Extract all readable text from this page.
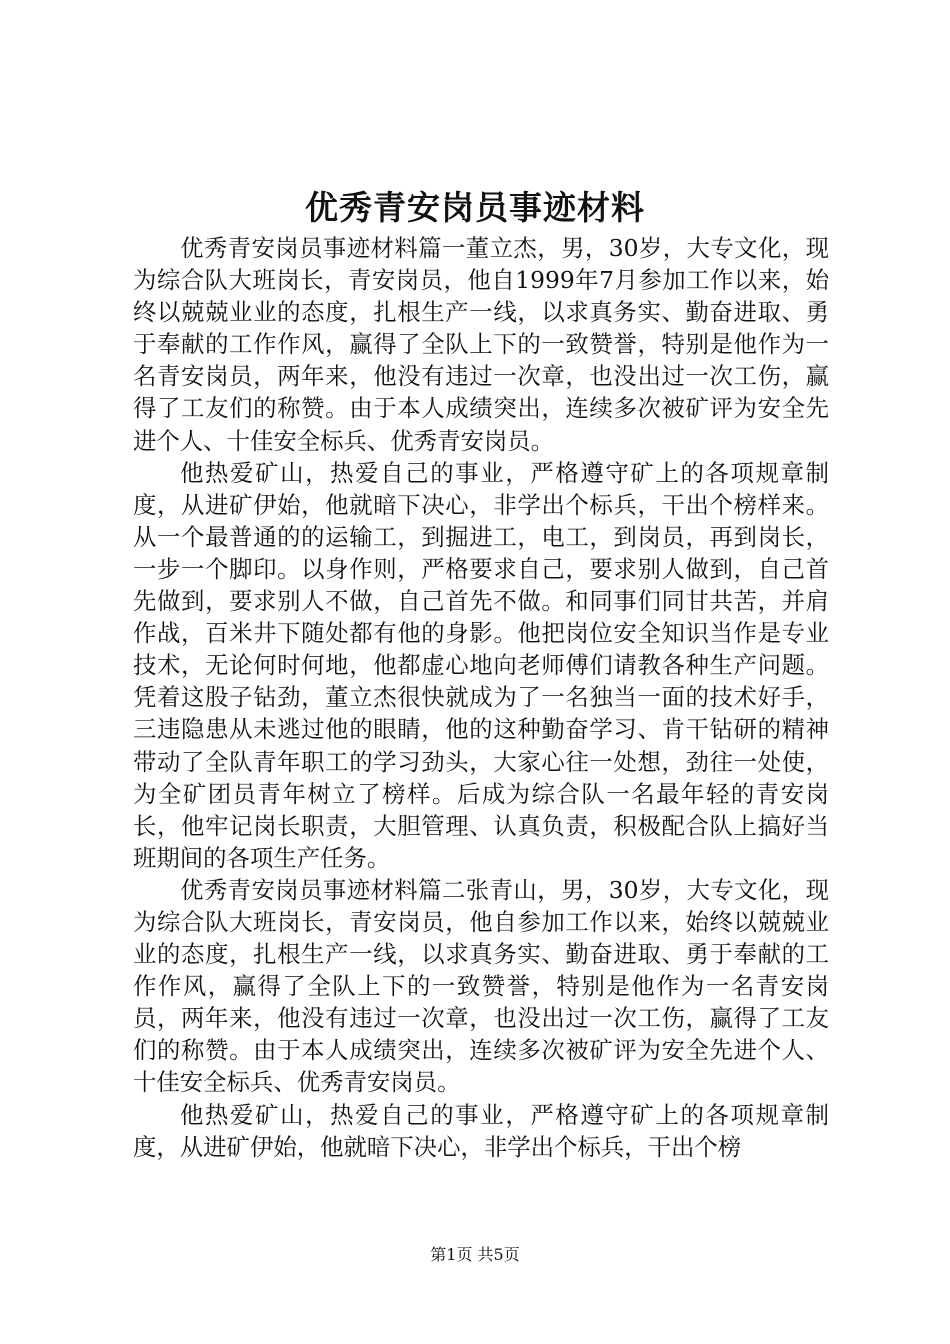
优秀青安岗员事迹材料

优秀青安岗员事迹材料篇一董立杰，男，30岁，大专文化，现为综合队大班岗长，青安岗员，他自1999年7月参加工作以来，始终以兢兢业业的态度，扎根生产一线，以求真务实、勤奋进取、勇于奉献的工作作风，赢得了全队上下的一致赞誉，特别是他作为一名青安岗员，两年来，他没有违过一次章，也没出过一次工伤，赢得了工友们的称赞。由于本人成绩突出，连续多次被矿评为安全先进个人、十佳安全标兵、优秀青安岗员。

他热爱矿山，热爱自己的事业，严格遵守矿上的各项规章制度，从进矿伊始，他就暗下决心，非学出个标兵，干出个榜样来。从一个最普通的的运输工，到掘进工，电工，到岗员，再到岗长，一步一个脚印。以身作则，严格要求自己，要求别人做到，自己首先做到，要求别人不做，自己首先不做。和同事们同甘共苦，并肩作战，百米井下随处都有他的身影。他把岗位安全知识当作是专业技术，无论何时何地，他都虚心地向老师傅们请教各种生产问题。凭着这股子钻劲，董立杰很快就成为了一名独当一面的技术好手，三违隐患从未逃过他的眼睛，他的这种勤奋学习、肯干钻研的精神带动了全队青年职工的学习劲头，大家心往一处想，劲往一处使，为全矿团员青年树立了榜样。后成为综合队一名最年轻的青安岗长，他牢记岗长职责，大胆管理、认真负责，积极配合队上搞好当班期间的各项生产任务。

优秀青安岗员事迹材料篇二张青山，男，30岁，大专文化，现为综合队大班岗长，青安岗员，他自参加工作以来，始终以兢兢业业的态度，扎根生产一线，以求真务实、勤奋进取、勇于奉献的工作作风，赢得了全队上下的一致赞誉，特别是他作为一名青安岗员，两年来，他没有违过一次章，也没出过一次工伤，赢得了工友们的称赞。由于本人成绩突出，连续多次被矿评为安全先进个人、十佳安全标兵、优秀青安岗员。

他热爱矿山，热爱自己的事业，严格遵守矿上的各项规章制度，从进矿伊始，他就暗下决心，非学出个标兵，干出个榜

第1页 共5页
